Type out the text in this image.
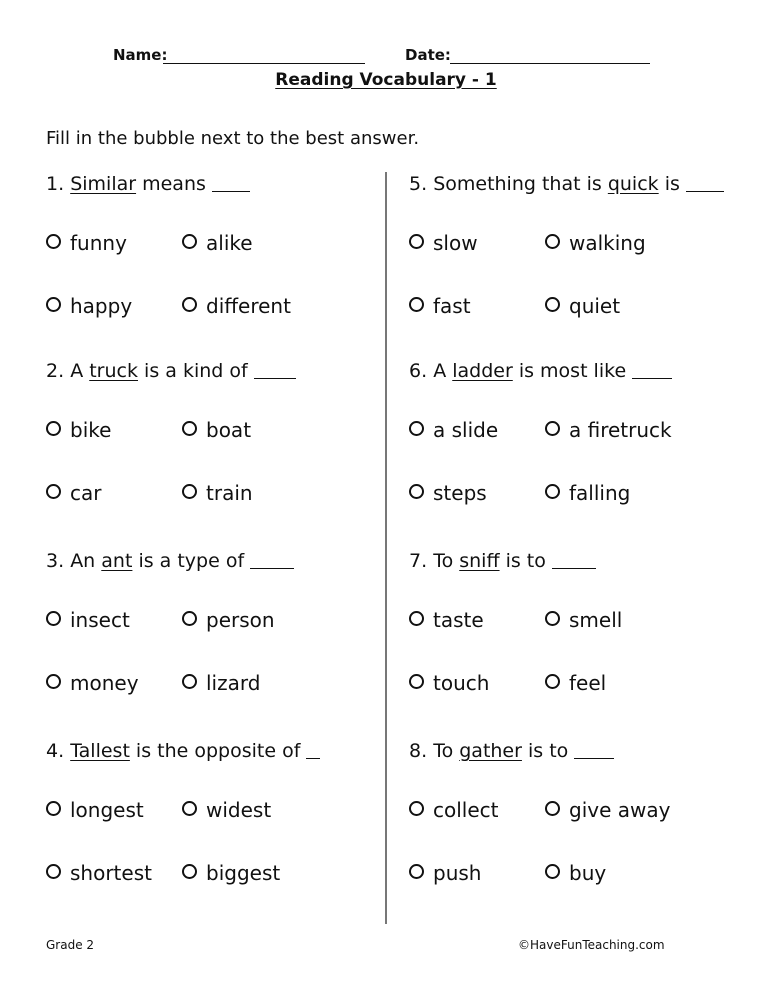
Name:	Date:
Reading Vocabulary - 1
Fill in the bubble next to the best answer.
1. Similar means
funny	alike
happy	different
2. A truck is a kind of
bike	boat
car	train
3. An ant is a type of
insect	person
money	lizard
4. Tallest is the opposite of
longest	widest
shortest	biggest
5. Something that is quick is
slow	walking
fast	quiet
6. A ladder is most like
a slide	a firetruck
steps	falling
7. To sniff is to
taste	smell
touch	feel
8. To gather is to
collect	give away
push	buy
Grade 2	©HaveFunTeaching.com
